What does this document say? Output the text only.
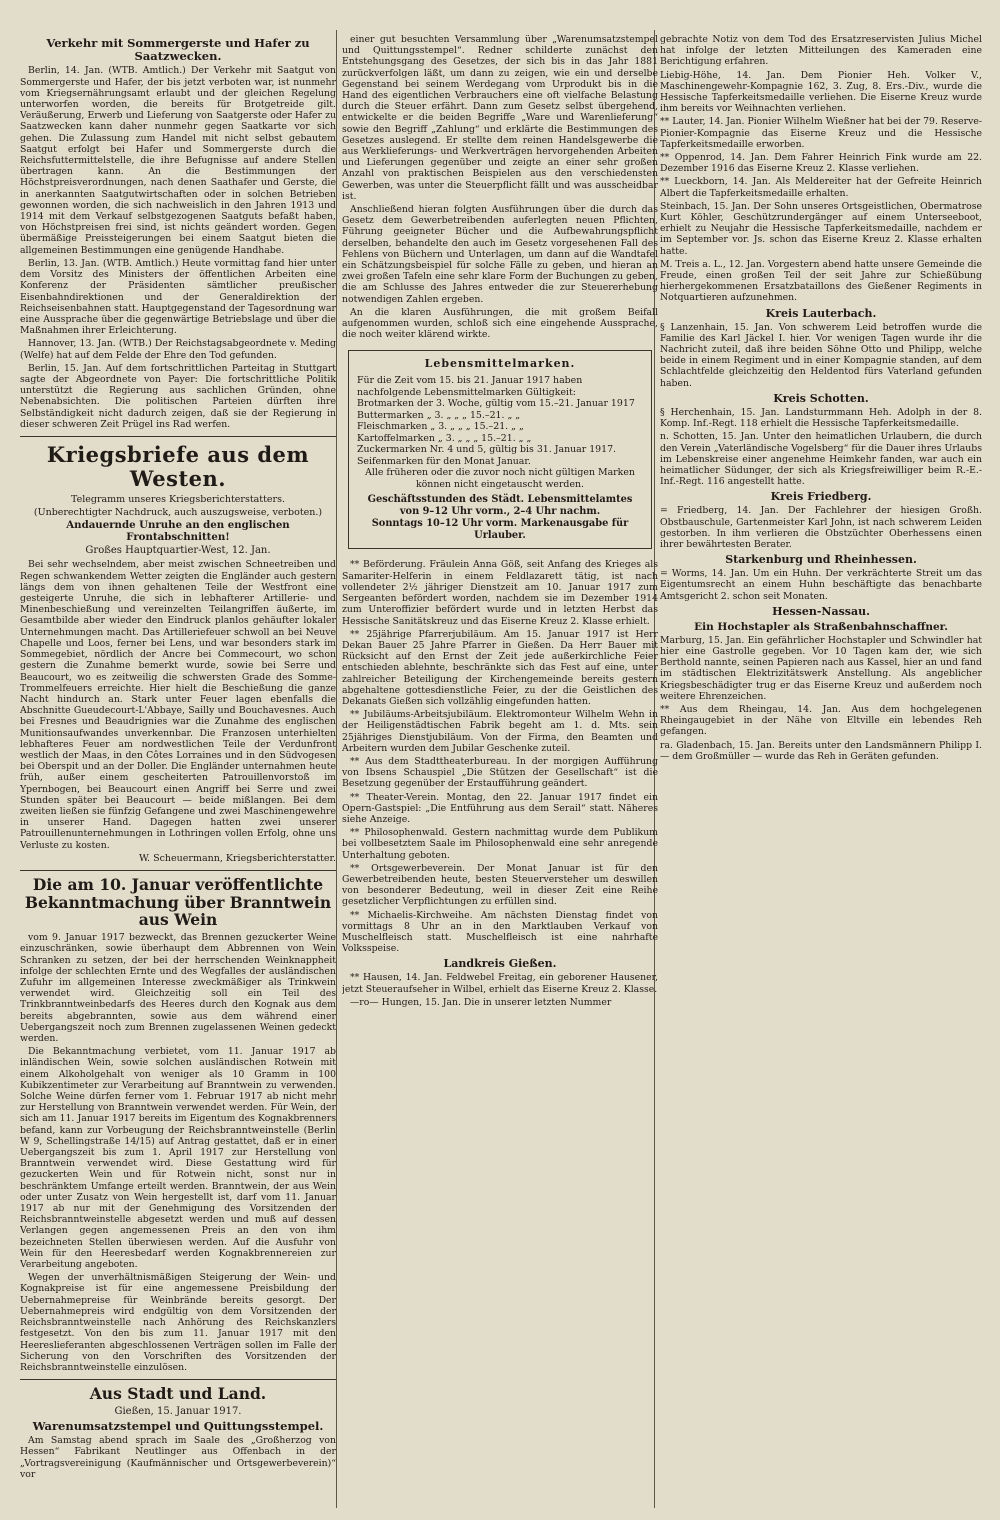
Verkehr mit Sommergerste und Hafer zu Saatzwecken.
Berlin, 14. Jan. (WTB. Amtlich.) Der Verkehr mit Saatgut von Sommergerste und Hafer, der bis jetzt verboten war, ist nunmehr vom Kriegsernährungsamt erlaubt und der gleichen Regelung unterworfen worden, die bereits für Brotgetreide gilt. Veräußerung, Erwerb und Lieferung von Saatgerste oder Hafer zu Saatzwecken kann daher nunmehr gegen Saatkarte vor sich gehen. Die Zulassung zum Handel mit nicht selbst gebautem Saatgut erfolgt bei Hafer und Sommergerste durch die Reichsfuttermittelstelle, die ihre Befugnisse auf andere Stellen übertragen kann. An die Bestimmungen der Höchstpreisverordnungen, nach denen Saathafer und Gerste, die in anerkannten Saatgutwirtschaften oder in solchen Betrieben gewonnen worden, die sich nachweislich in den Jahren 1913 und 1914 mit dem Verkauf selbstgezogenen Saatguts befaßt haben, von Höchstpreisen frei sind, ist nichts geändert worden. Gegen übermäßige Preissteigerungen bei einem Saatgut bieten die allgemeinen Bestimmungen eine genügende Handhabe.
Berlin, 13. Jan. (WTB. Amtlich.) Heute vormittag fand hier unter dem Vorsitz des Ministers der öffentlichen Arbeiten eine Konferenz der Präsidenten sämtlicher preußischer Eisenbahndirektionen und der Generaldirektion der Reichseisenbahnen statt. Hauptgegenstand der Tagesordnung war eine Aussprache über die gegenwärtige Betriebslage und über die Maßnahmen ihrer Erleichterung.
Hannover, 13. Jan. (WTB.) Der Reichstagsabgeordnete v. Meding (Welfe) hat auf dem Felde der Ehre den Tod gefunden.
Berlin, 15. Jan. Auf dem fortschrittlichen Parteitag in Stuttgart sagte der Abgeordnete von Payer: Die fortschrittliche Politik unterstützt die Regierung aus sachlichen Gründen, ohne Nebenabsichten. Die politischen Parteien dürften ihre Selbständigkeit nicht dadurch zeigen, daß sie der Regierung in dieser schweren Zeit Prügel ins Rad werfen.
Kriegsbriefe aus dem Westen.
Telegramm unseres Kriegsberichterstatters.
(Unberechtigter Nachdruck, auch auszugsweise, verboten.)
Andauernde Unruhe an den englischen Frontabschnitten!
Großes Hauptquartier-West, 12. Jan.
Bei sehr wechselndem, aber meist zwischen Schneetreiben und Regen schwankendem Wetter zeigten die Engländer auch gestern längs dem von ihnen gehaltenen Teile der Westfront eine gesteigerte Unruhe, die sich in lebhafterer Artillerie- und Minenbeschießung und vereinzelten Teilangriffen äußerte, im Gesamtbilde aber wieder den Eindruck planlos gehäufter lokaler Unternehmungen macht. Das Artilleriefeuer schwoll an bei Neuve Chapelle und Loos, ferner bei Lens, und war besonders stark im Sommegebiet, nördlich der Ancre bei Commecourt, wo schon gestern die Zunahme bemerkt wurde, sowie bei Serre und Beaucourt, wo es zeitweilig die schwersten Grade des Somme-Trommelfeuers erreichte. Hier hielt die Beschießung die ganze Nacht hindurch an. Stark unter Feuer lagen ebenfalls die Abschnitte Gueudecourt-L'Abbaye, Sailly und Bouchavesnes. Auch bei Fresnes und Beaudrignies war die Zunahme des englischen Munitionsaufwandes unverkennbar. Die Franzosen unterhielten lebhafteres Feuer am nordwestlichen Teile der Verdunfront westlich der Maas, in den Côtes Lorraines und in den Südvogesen bei Oberspit und an der Doller. Die Engländer unternahmen heute früh, außer einem gescheiterten Patrouillenvorstoß im Ypernbogen, bei Beaucourt einen Angriff bei Serre und zwei Stunden später bei Beaucourt — beide mißlangen. Bei dem zweiten ließen sie fünfzig Gefangene und zwei Maschinengewehre in unserer Hand. Dagegen hatten zwei unserer Patrouillenunternehmungen in Lothringen vollen Erfolg, ohne uns Verluste zu kosten.
W. Scheuermann, Kriegsberichterstatter.
Die am 10. Januar veröffentlichte Bekanntmachung über Branntwein aus Wein
vom 9. Januar 1917 bezweckt, das Brennen gezuckerter Weine einzuschränken, sowie überhaupt dem Abbrennen von Wein Schranken zu setzen, der bei der herrschenden Weinknappheit infolge der schlechten Ernte und des Wegfalles der ausländischen Zufuhr im allgemeinen Interesse zweckmäßiger als Trinkwein verwendet wird. Gleichzeitig soll ein Teil des Trinkbranntweinbedarfs des Heeres durch den Kognak aus dem bereits abgebrannten, sowie aus dem während einer Uebergangszeit noch zum Brennen zugelassenen Weinen gedeckt werden.
Die Bekanntmachung verbietet, vom 11. Januar 1917 ab inländischen Wein, sowie solchen ausländischen Rotwein mit einem Alkoholgehalt von weniger als 10 Gramm in 100 Kubikzentimeter zur Verarbeitung auf Branntwein zu verwenden. Solche Weine dürfen ferner vom 1. Februar 1917 ab nicht mehr zur Herstellung von Branntwein verwendet werden. Für Wein, der sich am 11. Januar 1917 bereits im Eigentum des Kognakbrenners befand, kann zur Vorbeugung der Reichsbranntweinstelle (Berlin W 9, Schellingstraße 14/15) auf Antrag gestattet, daß er in einer Uebergangszeit bis zum 1. April 1917 zur Herstellung von Branntwein verwendet wird. Diese Gestattung wird für gezuckerten Wein und für Rotwein nicht, sonst nur in beschränktem Umfange erteilt werden. Branntwein, der aus Wein oder unter Zusatz von Wein hergestellt ist, darf vom 11. Januar 1917 ab nur mit der Genehmigung des Vorsitzenden der Reichsbranntweinstelle abgesetzt werden und muß auf dessen Verlangen gegen angemessenen Preis an den von ihm bezeichneten Stellen überwiesen werden. Auf die Ausfuhr von Wein für den Heeresbedarf werden Kognakbrennereien zur Verarbeitung angeboten.
Wegen der unverhältnismäßigen Steigerung der Wein- und Kognakpreise ist für eine angemessene Preisbildung der Uebernahmepreise für Weinbrände bereits gesorgt. Der Uebernahmepreis wird endgültig von dem Vorsitzenden der Reichsbranntweinstelle nach Anhörung des Reichskanzlers festgesetzt. Von den bis zum 11. Januar 1917 mit den Heereslieferanten abgeschlossenen Verträgen sollen im Falle der Sicherung von den Vorschriften des Vorsitzenden der Reichsbranntweinstelle einzulösen.
Aus Stadt und Land.
Gießen, 15. Januar 1917.
Warenumsatzstempel und Quittungsstempel.
Am Samstag abend sprach im Saale des „Großherzog von Hessen“ Fabrikant Neutlinger aus Offenbach in der „Vortragsvereinigung (Kaufmännischer und Ortsgewerbeverein)“ vor
einer gut besuchten Versammlung über „Warenumsatzstempel und Quittungsstempel“. Redner schilderte zunächst den Entstehungsgang des Gesetzes, der sich bis in das Jahr 1881 zurückverfolgen läßt, um dann zu zeigen, wie ein und derselbe Gegenstand bei seinem Werdegang vom Urprodukt bis in die Hand des eigentlichen Verbrauchers eine oft vielfache Belastung durch die Steuer erfährt. Dann zum Gesetz selbst übergehend, entwickelte er die beiden Begriffe „Ware und Warenlieferung“ sowie den Begriff „Zahlung“ und erklärte die Bestimmungen des Gesetzes auslegend. Er stellte dem reinen Handelsgewerbe die aus Werklieferungs- und Werkverträgen hervorgehenden Arbeiten und Lieferungen gegenüber und zeigte an einer sehr großen Anzahl von praktischen Beispielen aus den verschiedensten Gewerben, was unter die Steuerpflicht fällt und was ausscheidbar ist.
Anschließend hieran folgten Ausführungen über die durch das Gesetz dem Gewerbetreibenden auferlegten neuen Pflichten, Führung geeigneter Bücher und die Aufbewahrungspflicht derselben, behandelte den auch im Gesetz vorgesehenen Fall des Fehlens von Büchern und Unterlagen, um dann auf die Wandtafel ein Schätzungsbeispiel für solche Fälle zu geben, und hieran an zwei großen Tafeln eine sehr klare Form der Buchungen zu geben, die am Schlusse des Jahres entweder die zur Steuererhebung notwendigen Zahlen ergeben.
An die klaren Ausführungen, die mit großem Beifall aufgenommen wurden, schloß sich eine eingehende Aussprache, die noch weiter klärend wirkte.
Lebensmittelmarken.
Für die Zeit vom 15. bis 21. Januar 1917 haben nachfolgende Lebensmittelmarken Gültigkeit:
Brotmarken der 3. Woche, gültig vom 15.–21. Januar 1917
Buttermarken „ 3. „ „ „ 15.–21. „ „
Fleischmarken „ 3. „ „ „ 15.–21. „ „
Kartoffelmarken „ 3. „ „ „ 15.–21. „ „
Zuckermarken Nr. 4 und 5, gültig bis 31. Januar 1917.
Seifenmarken für den Monat Januar.
Alle früheren oder die zuvor noch nicht gültigen Marken können nicht eingetauscht werden.
Geschäftsstunden des Städt. Lebensmittelamtes
von 9–12 Uhr vorm., 2–4 Uhr nachm.
Sonntags 10–12 Uhr vorm. Markenausgabe für Urlauber.
** Beförderung. Fräulein Anna Göß, seit Anfang des Krieges als Samariter-Helferin in einem Feldlazarett tätig, ist nach vollendeter 2½ jähriger Dienstzeit am 10. Januar 1917 zum Sergeanten befördert worden, nachdem sie im Dezember 1914 zum Unteroffizier befördert wurde und in letzten Herbst das Hessische Sanitätskreuz und das Eiserne Kreuz 2. Klasse erhielt.
** 25jährige Pfarrerjubiläum. Am 15. Januar 1917 ist Herr Dekan Bauer 25 Jahre Pfarrer in Gießen. Da Herr Bauer mit Rücksicht auf den Ernst der Zeit jede außerkirchliche Feier entschieden ablehnte, beschränkte sich das Fest auf eine, unter zahlreicher Beteiligung der Kirchengemeinde bereits gestern abgehaltene gottesdienstliche Feier, zu der die Geistlichen des Dekanats Gießen sich vollzählig eingefunden hatten.
** Jubiläums-Arbeitsjubiläum. Elektromonteur Wilhelm Wehn in der Heiligenstädtischen Fabrik begeht am 1. d. Mts. sein 25jähriges Dienstjubiläum. Von der Firma, den Beamten und Arbeitern wurden dem Jubilar Geschenke zuteil.
** Aus dem Stadttheaterbureau. In der morgigen Aufführung von Ibsens Schauspiel „Die Stützen der Gesellschaft“ ist die Besetzung gegenüber der Erstaufführung geändert.
** Theater-Verein. Montag, den 22. Januar 1917 findet ein Opern-Gastspiel: „Die Entführung aus dem Serail“ statt. Näheres siehe Anzeige.
** Philosophenwald. Gestern nachmittag wurde dem Publikum bei vollbesetztem Saale im Philosophenwald eine sehr anregende Unterhaltung geboten.
** Ortsgewerbeverein. Der Monat Januar ist für den Gewerbetreibenden heute, besten Steuerversteher um deswillen von besonderer Bedeutung, weil in dieser Zeit eine Reihe gesetzlicher Verpflichtungen zu erfüllen sind.
** Michaelis-Kirchweihe. Am nächsten Dienstag findet von vormittags 8 Uhr an in den Marktlauben Verkauf von Muschelfleisch statt. Muschelfleisch ist eine nahrhafte Volksspeise.
Landkreis Gießen.
** Hausen, 14. Jan. Feldwebel Freitag, ein geborener Hausener, jetzt Steueraufseher in Wilbel, erhielt das Eiserne Kreuz 2. Klasse.
—ro— Hungen, 15. Jan. Die in unserer letzten Nummer
gebrachte Notiz von dem Tod des Ersatzreservisten Julius Michel hat infolge der letzten Mitteilungen des Kameraden eine Berichtigung erfahren.
Liebig-Höhe, 14. Jan. Dem Pionier Heh. Volker V., Maschinengewehr-Kompagnie 162, 3. Zug, 8. Ers.-Div., wurde die Hessische Tapferkeitsmedaille verliehen. Die Eiserne Kreuz wurde ihm bereits vor Weihnachten verliehen.
** Lauter, 14. Jan. Pionier Wilhelm Wießner hat bei der 79. Reserve-Pionier-Kompagnie das Eiserne Kreuz und die Hessische Tapferkeitsmedaille erworben.
** Oppenrod, 14. Jan. Dem Fahrer Heinrich Fink wurde am 22. Dezember 1916 das Eiserne Kreuz 2. Klasse verliehen.
** Lueckborn, 14. Jan. Als Meldereiter hat der Gefreite Heinrich Albert die Tapferkeitsmedaille erhalten.
Steinbach, 15. Jan. Der Sohn unseres Ortsgeistlichen, Obermatrose Kurt Köhler, Geschützrundergänger auf einem Unterseeboot, erhielt zu Neujahr die Hessische Tapferkeitsmedaille, nachdem er im September vor. Js. schon das Eiserne Kreuz 2. Klasse erhalten hatte.
M. Treis a. L., 12. Jan. Vorgestern abend hatte unsere Gemeinde die Freude, einen großen Teil der seit Jahre zur Schießübung hierhergekommenen Ersatzbataillons des Gießener Regiments in Notquartieren aufzunehmen.
Kreis Lauterbach.
§ Lanzenhain, 15. Jan. Von schwerem Leid betroffen wurde die Familie des Karl Jäckel I. hier. Vor wenigen Tagen wurde ihr die Nachricht zuteil, daß ihre beiden Söhne Otto und Philipp, welche beide in einem Regiment und in einer Kompagnie standen, auf dem Schlachtfelde gleichzeitig den Heldentod fürs Vaterland gefunden haben.
Kreis Schotten.
§ Herchenhain, 15. Jan. Landsturmmann Heh. Adolph in der 8. Komp. Inf.-Regt. 118 erhielt die Hessische Tapferkeitsmedaille.
n. Schotten, 15. Jan. Unter den heimatlichen Urlaubern, die durch den Verein „Vaterländische Vogelsberg“ für die Dauer ihres Urlaubs im Lebenskreise einer angenehme Heimkehr fanden, war auch ein heimatlicher Südunger, der sich als Kriegsfreiwilliger beim R.-E.-Inf.-Regt. 116 angestellt hatte.
Kreis Friedberg.
= Friedberg, 14. Jan. Der Fachlehrer der hiesigen Großh. Obstbauschule, Gartenmeister Karl John, ist nach schwerem Leiden gestorben. In ihm verlieren die Obstzüchter Oberhessens einen ihrer bewährtesten Berater.
Starkenburg und Rheinhessen.
= Worms, 14. Jan. Um ein Huhn. Der verkrächterte Streit um das Eigentumsrecht an einem Huhn beschäftigte das benachbarte Amtsgericht 2. schon seit Monaten.
Hessen-Nassau.
Ein Hochstapler als Straßenbahnschaffner.
Marburg, 15. Jan. Ein gefährlicher Hochstapler und Schwindler hat hier eine Gastrolle gegeben. Vor 10 Tagen kam der, wie sich Berthold nannte, seinen Papieren nach aus Kassel, hier an und fand im städtischen Elektrizitätswerk Anstellung. Als angeblicher Kriegsbeschädigter trug er das Eiserne Kreuz und außerdem noch weitere Ehrenzeichen.
** Aus dem Rheingau, 14. Jan. Aus dem hochgelegenen Rheingaugebiet in der Nähe von Eltville ein lebendes Reh gefangen.
ra. Gladenbach, 15. Jan. Bereits unter den Landsmännern Philipp I. — dem Großmüller — wurde das Reh in Geräten gefunden.
